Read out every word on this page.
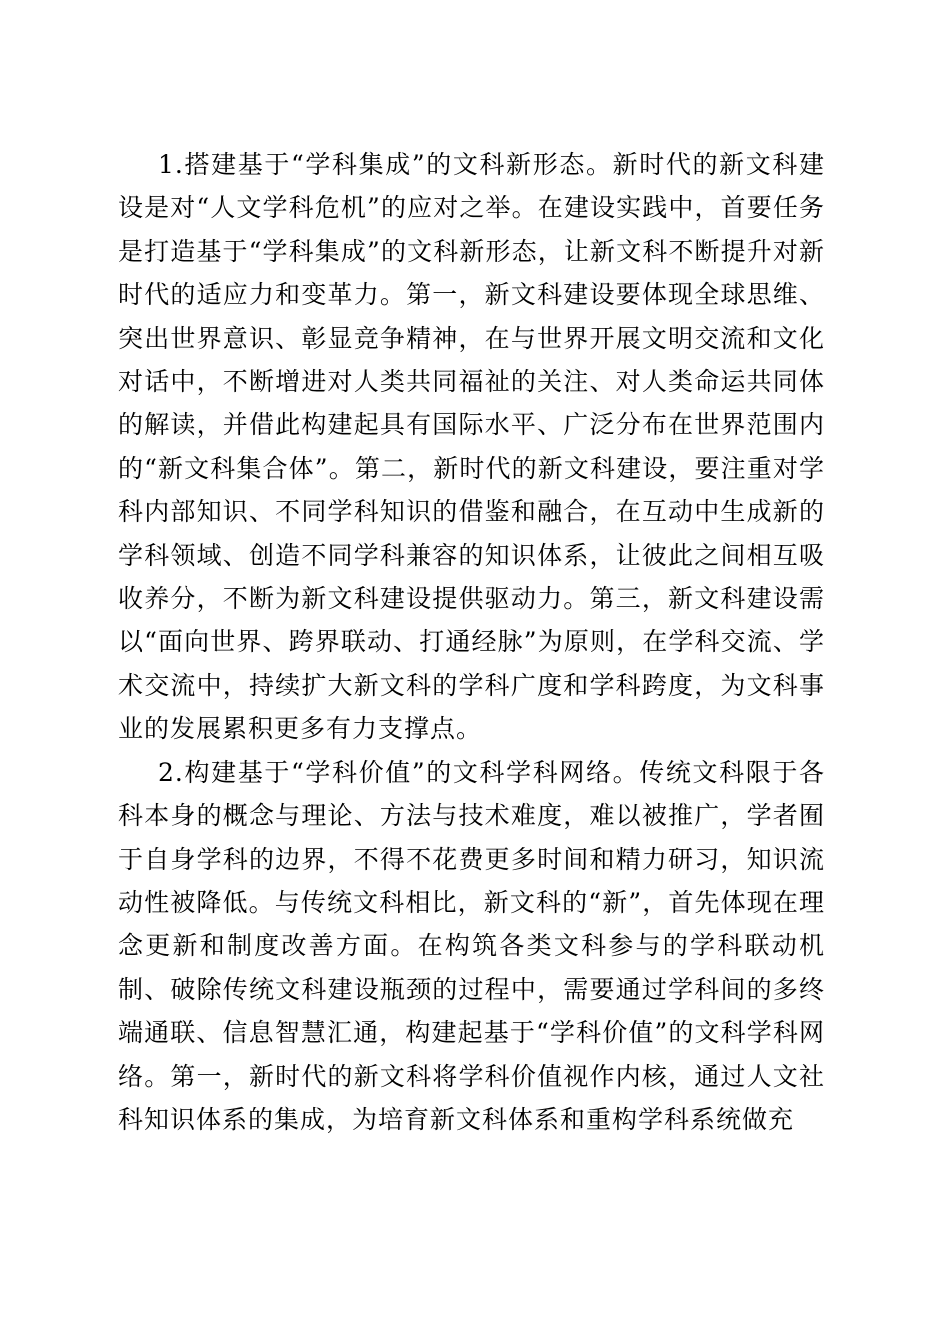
1.搭建基于“学科集成”的文科新形态。新时代的新文科建设是对“人文学科危机”的应对之举。在建设实践中，首要任务是打造基于“学科集成”的文科新形态，让新文科不断提升对新时代的适应力和变革力。第一，新文科建设要体现全球思维、突出世界意识、彰显竞争精神，在与世界开展文明交流和文化对话中，不断增进对人类共同福祉的关注、对人类命运共同体的解读，并借此构建起具有国际水平、广泛分布在世界范围内的“新文科集合体”。第二，新时代的新文科建设，要注重对学科内部知识、不同学科知识的借鉴和融合，在互动中生成新的学科领域、创造不同学科兼容的知识体系，让彼此之间相互吸收养分，不断为新文科建设提供驱动力。第三，新文科建设需以“面向世界、跨界联动、打通经脉”为原则，在学科交流、学术交流中，持续扩大新文科的学科广度和学科跨度，为文科事业的发展累积更多有力支撑点。

2.构建基于“学科价值”的文科学科网络。传统文科限于各科本身的概念与理论、方法与技术难度，难以被推广，学者囿于自身学科的边界，不得不花费更多时间和精力研习，知识流动性被降低。与传统文科相比，新文科的“新”，首先体现在理念更新和制度改善方面。在构筑各类文科参与的学科联动机制、破除传统文科建设瓶颈的过程中，需要通过学科间的多终端通联、信息智慧汇通，构建起基于“学科价值”的文科学科网络。第一，新时代的新文科将学科价值视作内核，通过人文社科知识体系的集成，为培育新文科体系和重构学科系统做充
